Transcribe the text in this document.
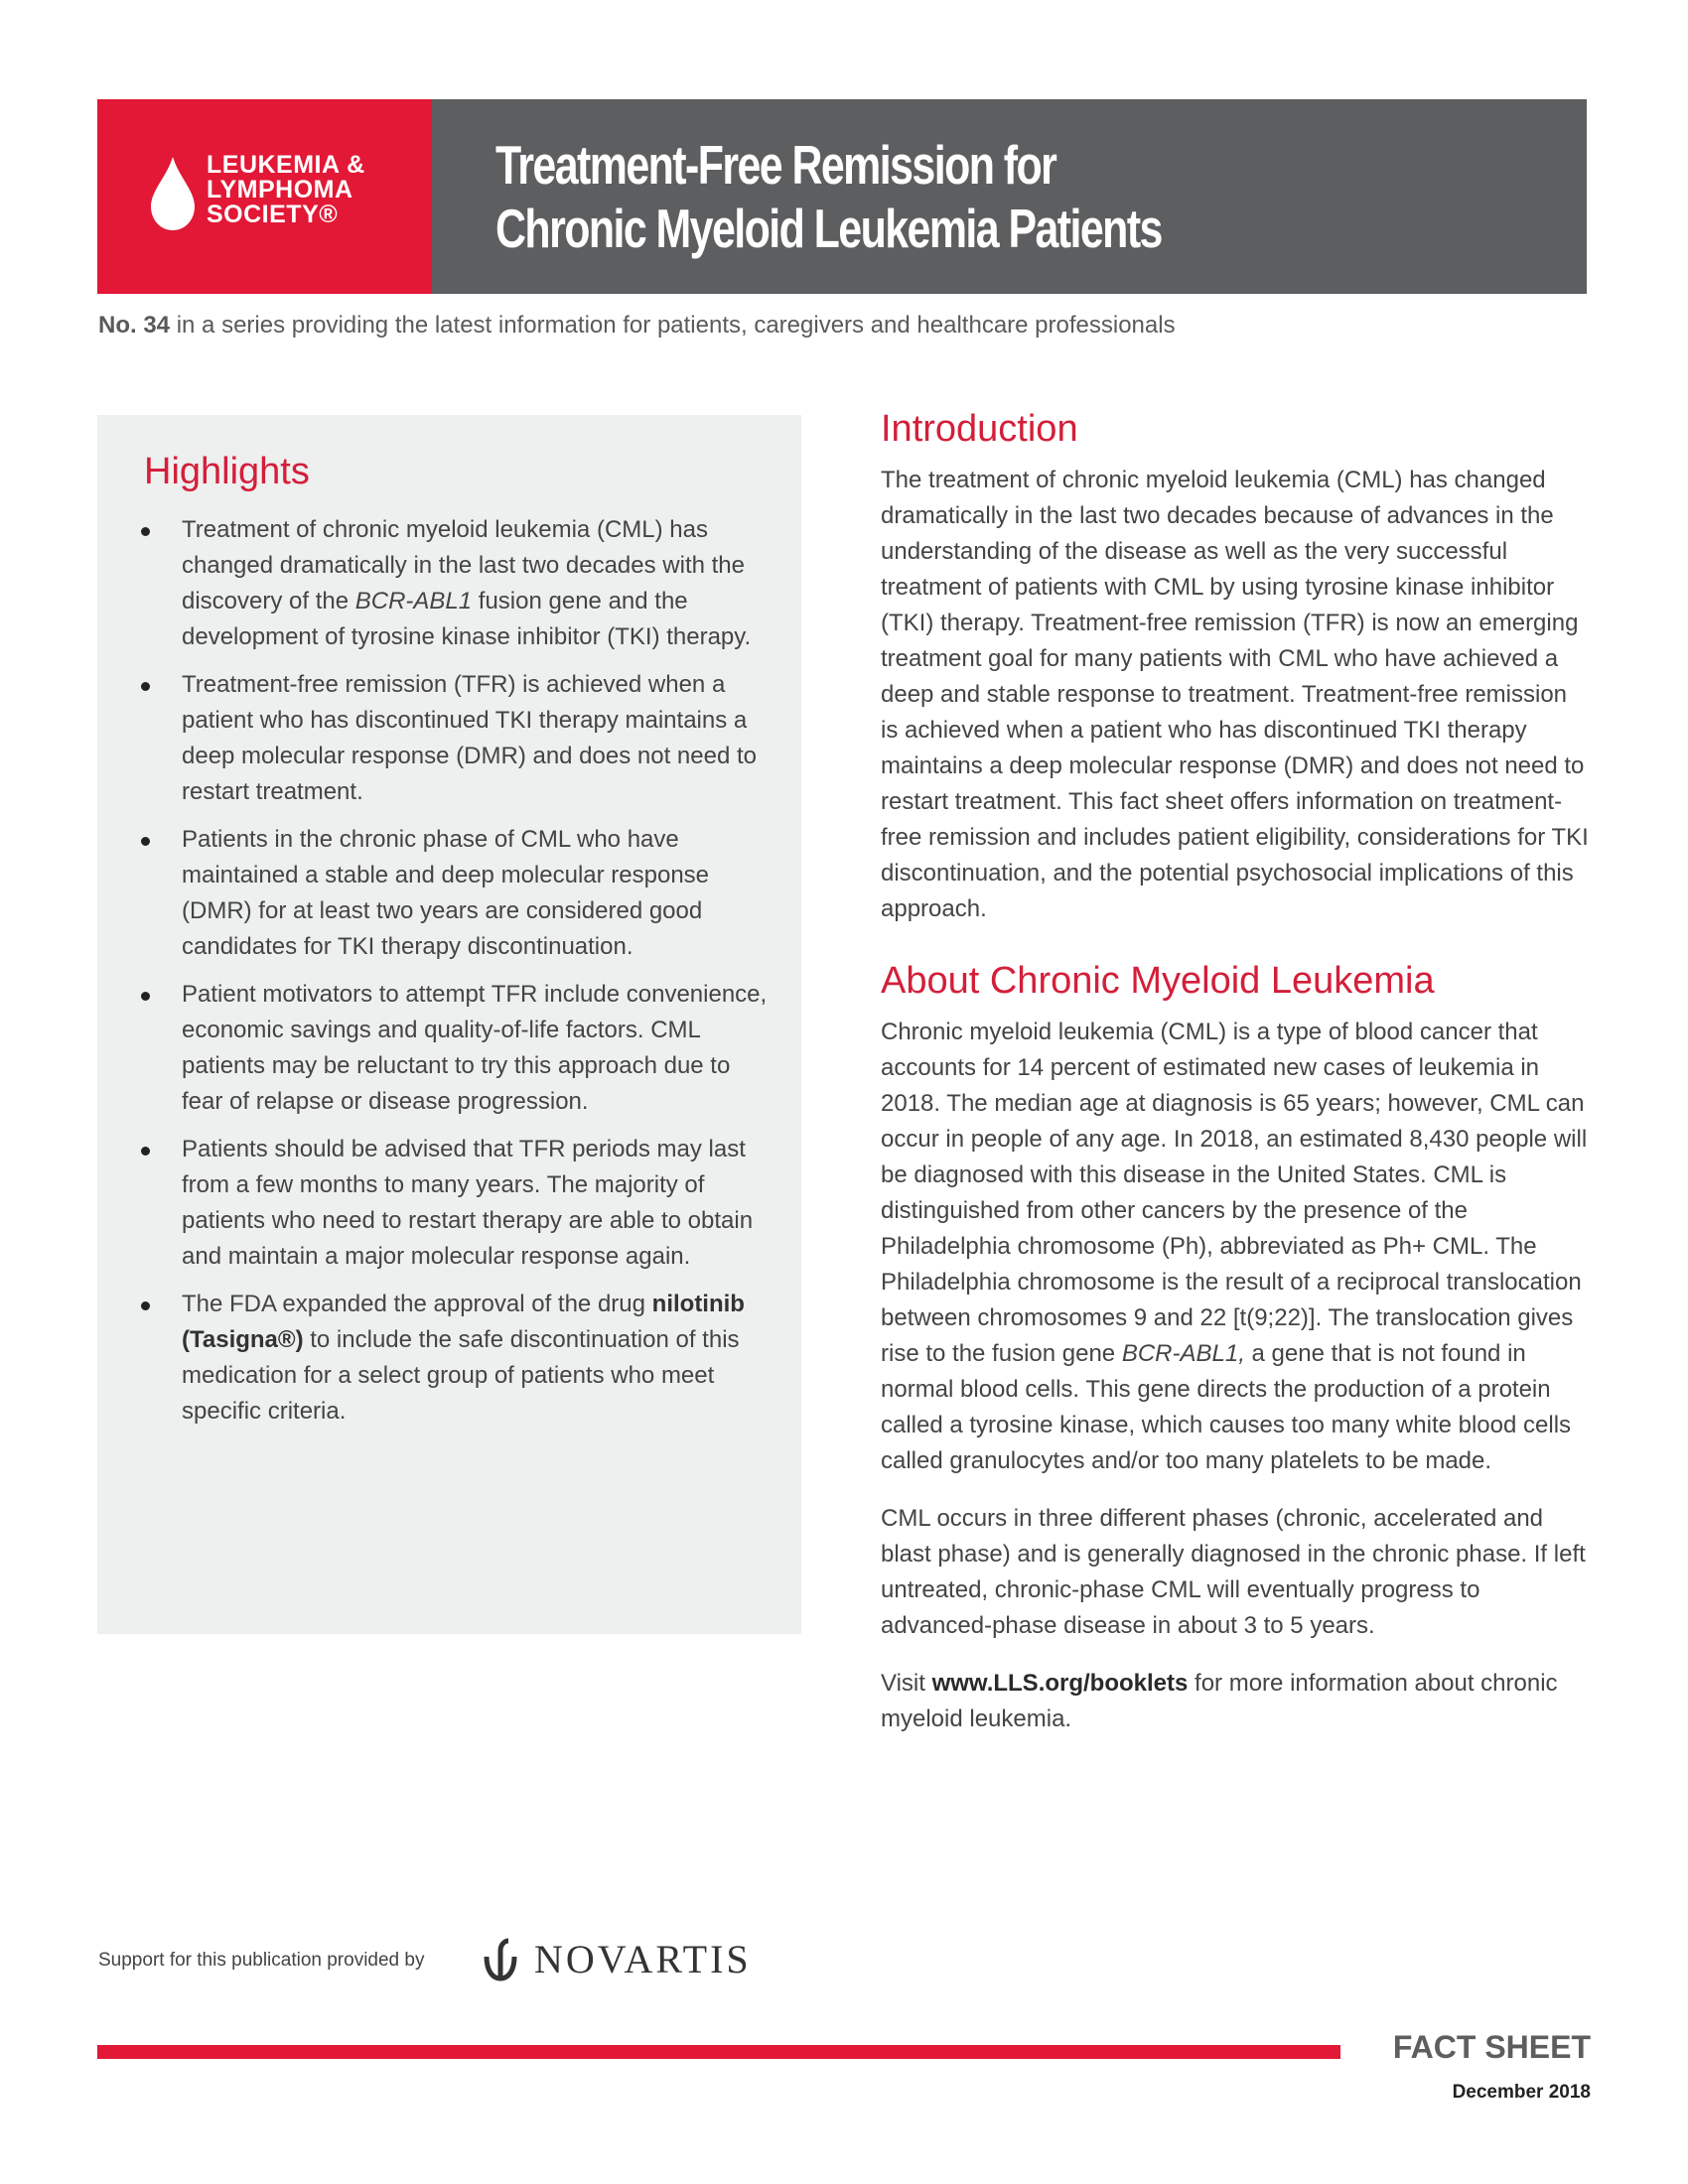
LEUKEMIA &
LYMPHOMA
SOCIETY®
Treatment-Free Remission for
Chronic Myeloid Leukemia Patients
No. 34 in a series providing the latest information for patients, caregivers and healthcare professionals
Highlights
Treatment of chronic myeloid leukemia (CML) has changed dramatically in the last two decades with the discovery of the BCR-ABL1 fusion gene and the development of tyrosine kinase inhibitor (TKI) therapy.
Treatment-free remission (TFR) is achieved when a patient who has discontinued TKI therapy maintains a deep molecular response (DMR) and does not need to restart treatment.
Patients in the chronic phase of CML who have maintained a stable and deep molecular response (DMR) for at least two years are considered good candidates for TKI therapy discontinuation.
Patient motivators to attempt TFR include convenience, economic savings and quality-of-life factors. CML patients may be reluctant to try this approach due to fear of relapse or disease progression.
Patients should be advised that TFR periods may last from a few months to many years. The majority of patients who need to restart therapy are able to obtain and maintain a major molecular response again.
The FDA expanded the approval of the drug nilotinib (Tasigna®) to include the safe discontinuation of this medication for a select group of patients who meet specific criteria.
Introduction

The treatment of chronic myeloid leukemia (CML) has changed dramatically in the last two decades because of advances in the understanding of the disease as well as the very successful treatment of patients with CML by using tyrosine kinase inhibitor (TKI) therapy. Treatment-free remission (TFR) is now an emerging treatment goal for many patients with CML who have achieved a deep and stable response to treatment. Treatment-free remission is achieved when a patient who has discontinued TKI therapy maintains a deep molecular response (DMR) and does not need to restart treatment. This fact sheet offers information on treatment-free remission and includes patient eligibility, considerations for TKI discontinuation, and the potential psychosocial implications of this approach.

About Chronic Myeloid Leukemia

Chronic myeloid leukemia (CML) is a type of blood cancer that accounts for 14 percent of estimated new cases of leukemia in 2018. The median age at diagnosis is 65 years; however, CML can occur in people of any age. In 2018, an estimated 8,430 people will be diagnosed with this disease in the United States. CML is distinguished from other cancers by the presence of the Philadelphia chromosome (Ph), abbreviated as Ph+ CML. The Philadelphia chromosome is the result of a reciprocal translocation between chromosomes 9 and 22 [t(9;22)]. The translocation gives rise to the fusion gene BCR-ABL1, a gene that is not found in normal blood cells. This gene directs the production of a protein called a tyrosine kinase, which causes too many white blood cells called granulocytes and/or too many platelets to be made.

CML occurs in three different phases (chronic, accelerated and blast phase) and is generally diagnosed in the chronic phase. If left untreated, chronic-phase CML will eventually progress to advanced-phase disease in about 3 to 5 years.

Visit www.LLS.org/booklets for more information about chronic myeloid leukemia.

Support for this publication provided by	NOVARTIS
FACT SHEET
December 2018
